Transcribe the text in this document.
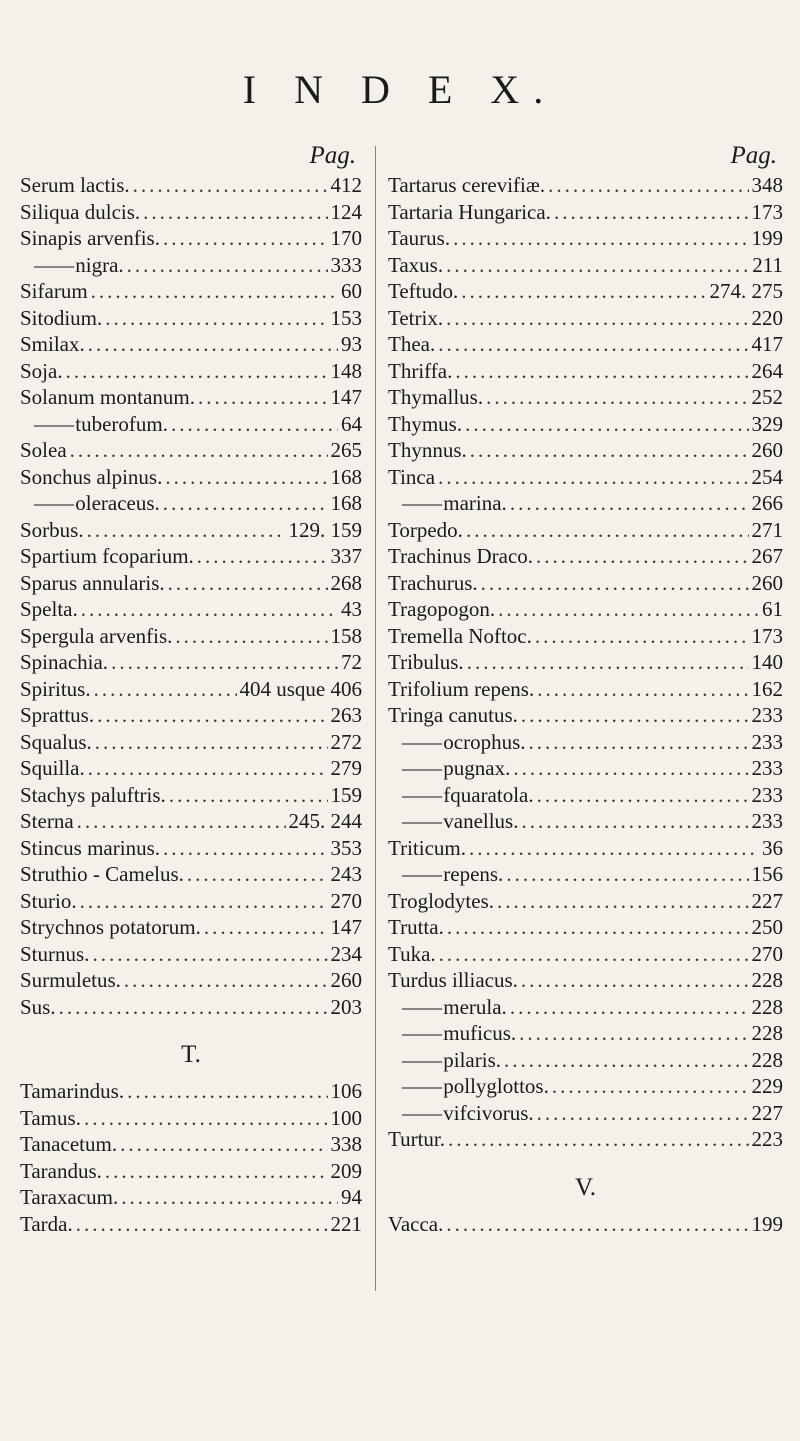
I N D E X.
Pag.
Serum lactis. .....	412
Siliqua dulcis. .....	124
Sinapis arvenfis. .....	170
—— nigra. .....	333
Sifarum .....	60
Sitodium. .....	153
Smilax. .....	93
Soja. .....	148
Solanum montanum. .....	147
—— tuberofum. .....	64
Solea .....	265
Sonchus alpinus. .....	168
—— oleraceus. .....	168
Sorbus. .....	129. 159
Spartium fcoparium. .....	337
Sparus annularis. .....	268
Spelta. .....	43
Spergula arvenfis. .....	158
Spinachia. .....	72
Spiritus. .....	404 usque 406
Sprattus. .....	263
Squalus. .....	272
Squilla. .....	279
Stachys paluftris. .....	159
Sterna .....	245. 244
Stincus marinus. .....	353
Struthio - Camelus. .....	243
Sturio. .....	270
Strychnos potatorum. .....	147
Sturnus. .....	234
Surmuletus. .....	260
Sus. .....	203
T.
Tamarindus. .....	106
Tamus. .....	100
Tanacetum. .....	338
Tarandus. .....	209
Taraxacum. .....	94
Tarda. .....	221
Pag.
Tartarus cerevifiæ. .....	348
Tartaria Hungarica. .....	173
Taurus. .....	199
Taxus. .....	211
Teftudo. .....	274. 275
Tetrix. .....	220
Thea. .....	417
Thriffa. .....	264
Thymallus. .....	252
Thymus. .....	329
Thynnus. .....	260
Tinca .....	254
—— marina. .....	266
Torpedo. .....	271
Trachinus Draco. .....	267
Trachurus. .....	260
Tragopogon. .....	61
Tremella Noftoc. .....	173
Tribulus. .....	140
Trifolium repens. .....	162
Tringa canutus. .....	233
—— ocrophus. .....	233
—— pugnax. .....	233
—— fquaratola. .....	233
—— vanellus. .....	233
Triticum. .....	36
—— repens. .....	156
Troglodytes. .....	227
Trutta. .....	250
Tuka. .....	270
Turdus illiacus. .....	228
—— merula. .....	228
—— muficus. .....	228
—— pilaris. .....	228
—— pollyglottos. .....	229
—— vifcivorus. .....	227
Turtur. .....	223
V.
Vacca. .....	199
